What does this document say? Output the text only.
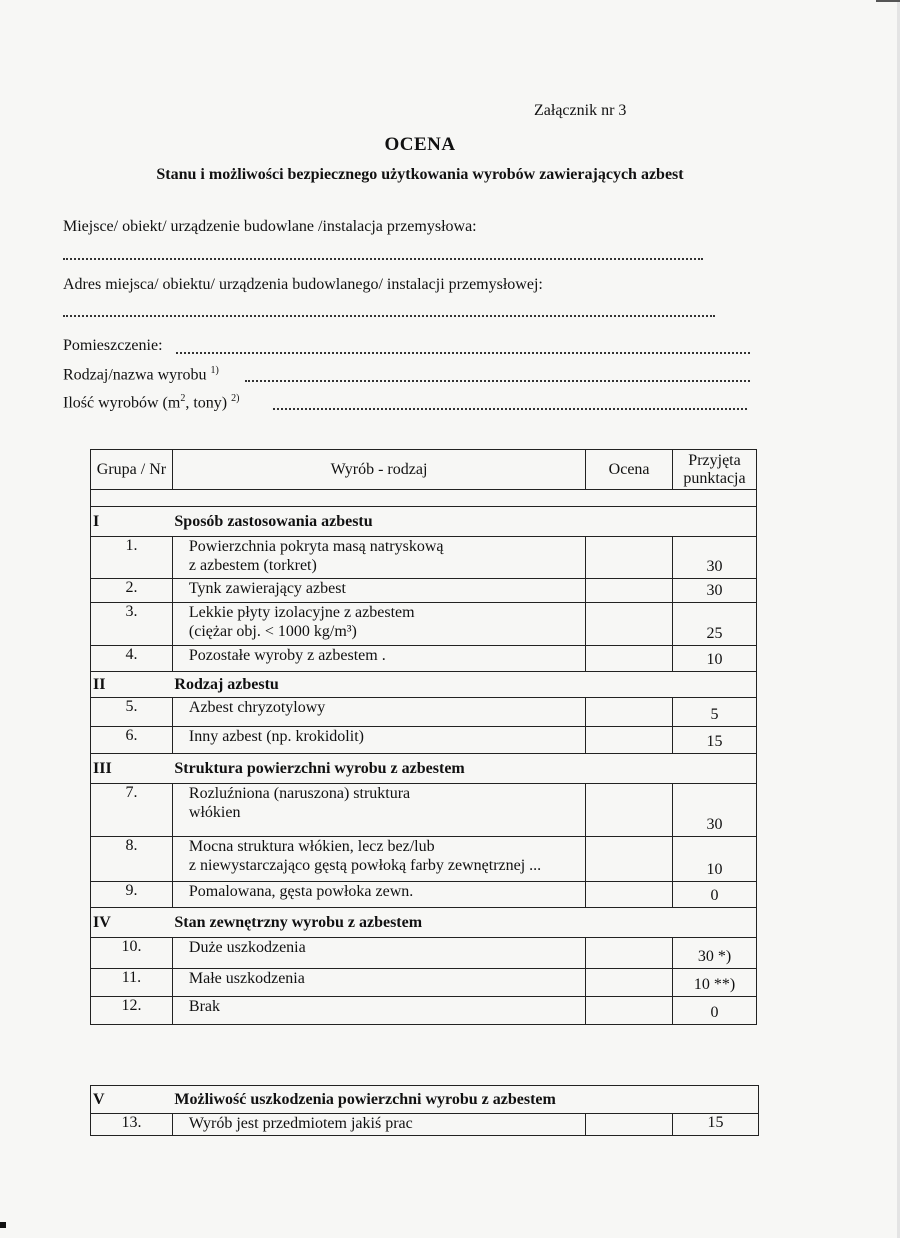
Załącznik nr 3
OCENA
Stanu i możliwości bezpiecznego użytkowania wyrobów zawierających azbest
Miejsce/ obiekt/ urządzenie budowlane /instalacja przemysłowa:
Adres miejsca/ obiektu/ urządzenia budowlanego/ instalacji przemysłowej:
Pomieszczenie:
Rodzaj/nazwa wyrobu $^{1)}$
Ilość wyrobów ($m^2$, tony) $^{2)}$
Grupa / Nr	Wyrób - rodzaj	Ocena	Przyjęta
punktacja

I	Sposób zastosowania azbestu		
1.	Powierzchnia pokryta masą natryskową
z azbestem (torkret)		30
2.	Tynk zawierający azbest		30
3.	Lekkie płyty izolacyjne z azbestem
(ciężar obj. < 1000 kg/m³)		25
4.	Pozostałe wyroby z azbestem .		10
II	Rodzaj azbestu		
5.	Azbest chryzotylowy		5
6.	Inny azbest (np. krokidolit)		15
III	Struktura powierzchni wyrobu z azbestem		
7.	Rozluźniona (naruszona) struktura
włókien		30
8.	Mocna struktura włókien, lecz bez/lub
z niewystarczająco gęstą powłoką farby zewnętrznej ...		10
9.	Pomalowana, gęsta powłoka zewn.		0
IV	Stan zewnętrzny wyrobu z azbestem		
10.	Duże uszkodzenia		30 *)
11.	Małe uszkodzenia		10 **)
12.	Brak		0
V	Możliwość uszkodzenia powierzchni wyrobu z azbestem		
13.	Wyrób jest przedmiotem jakiś prac		15
